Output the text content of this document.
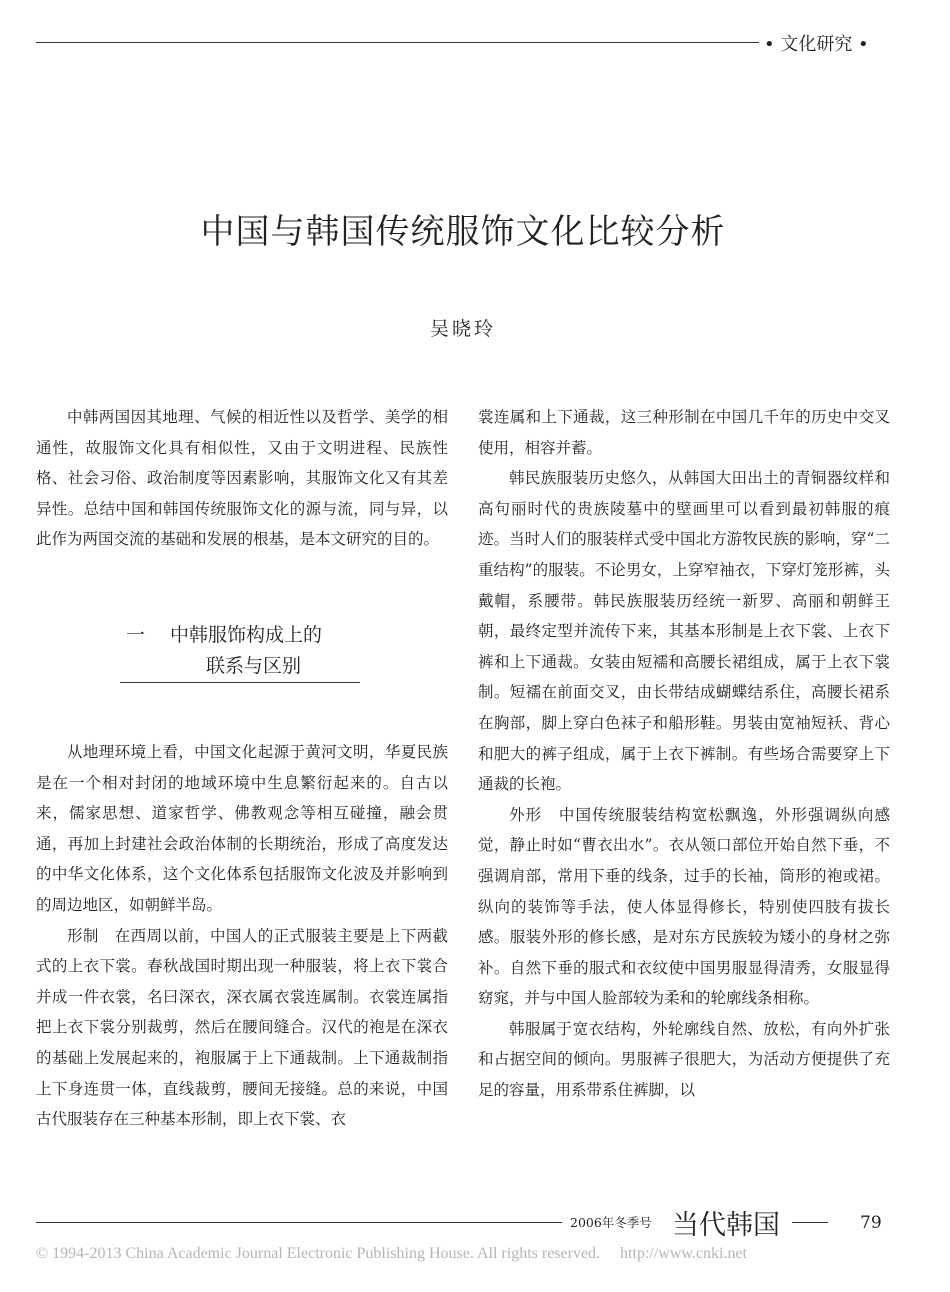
• 文化研究 •
中国与韩国传统服饰文化比较分析
吴晓玲

中韩两国因其地理、气候的相近性以及哲学、美学的相通性，故服饰文化具有相似性，又由于文明进程、民族性格、社会习俗、政治制度等因素影响，其服饰文化又有其差异性。总结中国和韩国传统服饰文化的源与流，同与异，以此作为两国交流的基础和发展的根基，是本文研究的目的。

一 中韩服饰构成上的
联系与区别

从地理环境上看，中国文化起源于黄河文明，华夏民族是在一个相对封闭的地域环境中生息繁衍起来的。自古以来，儒家思想、道家哲学、佛教观念等相互碰撞，融会贯通，再加上封建社会政治体制的长期统治，形成了高度发达的中华文化体系，这个文化体系包括服饰文化波及并影响到的周边地区，如朝鲜半岛。

形制　在西周以前，中国人的正式服装主要是上下两截式的上衣下裳。春秋战国时期出现一种服装，将上衣下裳合并成一件衣裳，名曰深衣，深衣属衣裳连属制。衣裳连属指把上衣下裳分别裁剪，然后在腰间缝合。汉代的袍是在深衣的基础上发展起来的，袍服属于上下通裁制。上下通裁制指上下身连贯一体，直线裁剪，腰间无接缝。总的来说，中国古代服装存在三种基本形制，即上衣下裳、衣

裳连属和上下通裁，这三种形制在中国几千年的历史中交叉使用，相容并蓄。

韩民族服装历史悠久，从韩国大田出土的青铜器纹样和高句丽时代的贵族陵墓中的壁画里可以看到最初韩服的痕迹。当时人们的服装样式受中国北方游牧民族的影响，穿“二重结构”的服装。不论男女，上穿窄袖衣，下穿灯笼形裤，头戴帽，系腰带。韩民族服装历经统一新罗、高丽和朝鲜王朝，最终定型并流传下来，其基本形制是上衣下裳、上衣下裤和上下通裁。女装由短襦和高腰长裙组成，属于上衣下裳制。短襦在前面交叉，由长带结成蝴蝶结系住，高腰长裙系在胸部，脚上穿白色袜子和船形鞋。男装由宽袖短袄、背心和肥大的裤子组成，属于上衣下裤制。有些场合需要穿上下通裁的长袍。

外形　中国传统服装结构宽松飘逸，外形强调纵向感觉，静止时如“曹衣出水”。衣从领口部位开始自然下垂，不强调肩部，常用下垂的线条，过手的长袖，筒形的袍或裙。纵向的装饰等手法，使人体显得修长，特别使四肢有拔长感。服装外形的修长感，是对东方民族较为矮小的身材之弥补。自然下垂的服式和衣纹使中国男服显得清秀，女服显得窈窕，并与中国人脸部较为柔和的轮廓线条相称。

韩服属于宽衣结构，外轮廓线自然、放松，有向外扩张和占据空间的倾向。男服裤子很肥大，为活动方便提供了充足的容量，用系带系住裤脚，以

2006年冬季号 当代韩国	79
© 1994-2013 China Academic Journal Electronic Publishing House. All rights reserved.　 http://www.cnki.net
